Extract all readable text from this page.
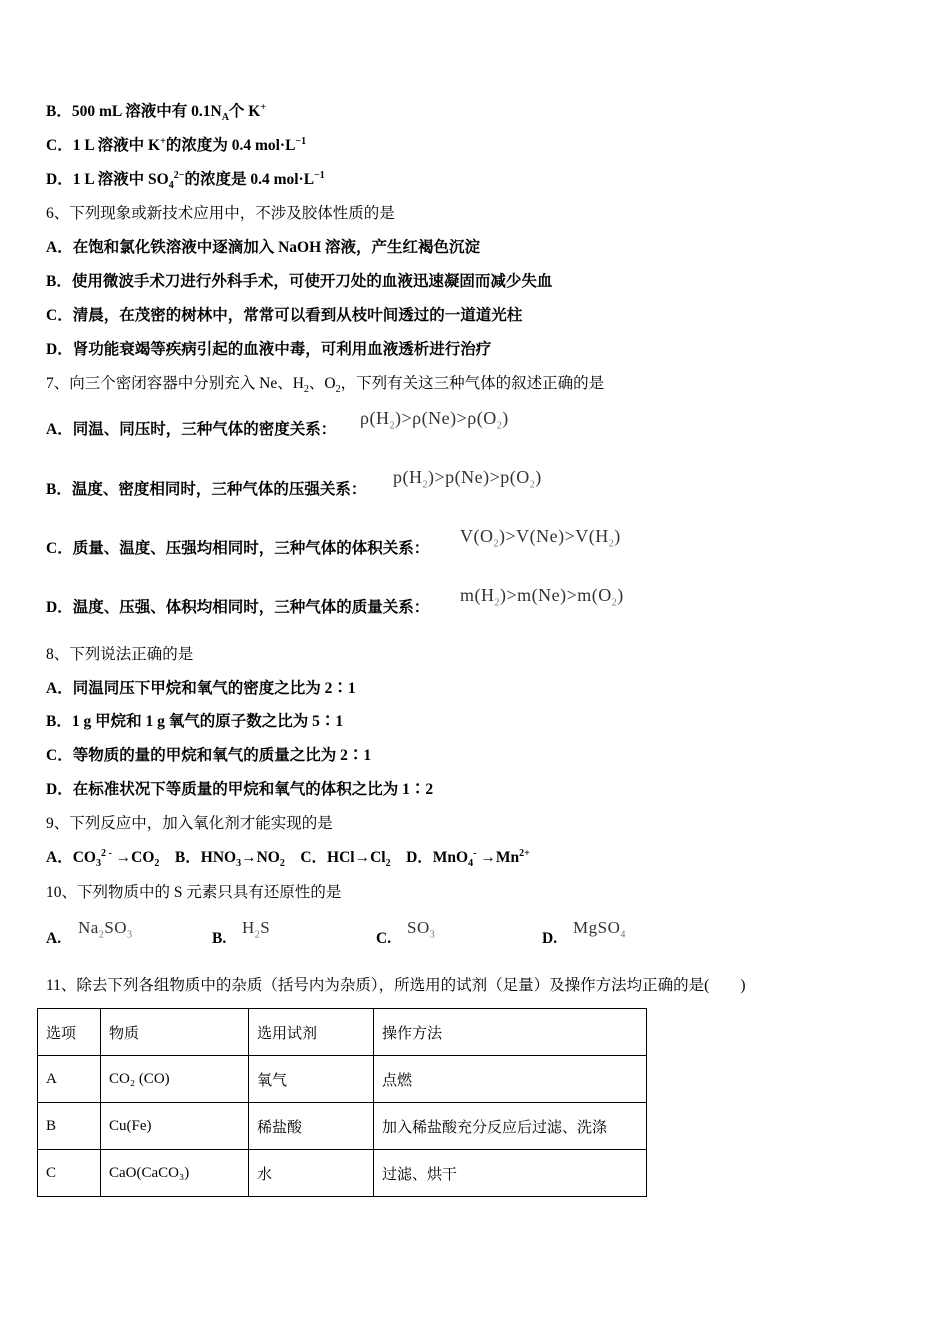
B．500 mL 溶液中有 $0.1N_A$个 K+
C．1 L 溶液中 K+的浓度为 0.4 $mol\cdot L^{-1}$
D．1 L 溶液中 $SO_4^{2-}$的浓度是 0.4 $mol\cdot L^{-1}$
6、下列现象或新技术应用中，不涉及胶体性质的是
A．在饱和氯化铁溶液中逐滴加入 NaOH 溶液，产生红褐色沉淀
B．使用微波手术刀进行外科手术，可使开刀处的血液迅速凝固而减少失血
C．清晨，在茂密的树林中，常常可以看到从枝叶间透过的一道道光柱
D．肾功能衰竭等疾病引起的血液中毒，可利用血液透析进行治疗
7、向三个密闭容器中分别充入 Ne、$H_2$、$O_2$，下列有关这三种气体的叙述正确的是
A．同温、同压时，三种气体的密度关系：
B．温度、密度相同时，三种气体的压强关系：
C．质量、温度、压强均相同时，三种气体的体积关系：
D．温度、压强、体积均相同时，三种气体的质量关系：
8、下列说法正确的是
A．同温同压下甲烷和氧气的密度之比为 2∶1
B．1 g 甲烷和 1 g 氧气的原子数之比为 5∶1
C．等物质的量的甲烷和氧气的质量之比为 2∶1
D．在标准状况下等质量的甲烷和氧气的体积之比为 1∶2
9、下列反应中，加入氧化剂才能实现的是
A．$CO_3^{2 -} \to CO_2$　B．$HNO_3\to NO_2$　C．$HCl\to Cl_2$　D．$MnO_4^- \to Mn^{2+}$
10、下列物质中的 S 元素只具有还原性的是
11、除去下列各组物质中的杂质（括号内为杂质），所选用的试剂（足量）及操作方法均正确的是(　　)
$\rho(H_2)>\rho(Ne)>\rho(O_2)$
$p(H_2)>p(Ne)>p(O_2)$
$V(O_2)>V(Ne)>V(H_2)$
$m(H_2)>m(Ne)>m(O_2)$
A.
$Na_2SO_3$	B.
$H_2S$
C.
$SO_3$	D.
MgSO$_4$
选项	物质	选用试剂	操作方法
A	CO₂ (CO)	氧气	点燃
B	Cu(Fe)	稀盐酸	加入稀盐酸充分反应后过滤、洗涤
C	CaO(CaCO₃)	水	过滤、烘干
